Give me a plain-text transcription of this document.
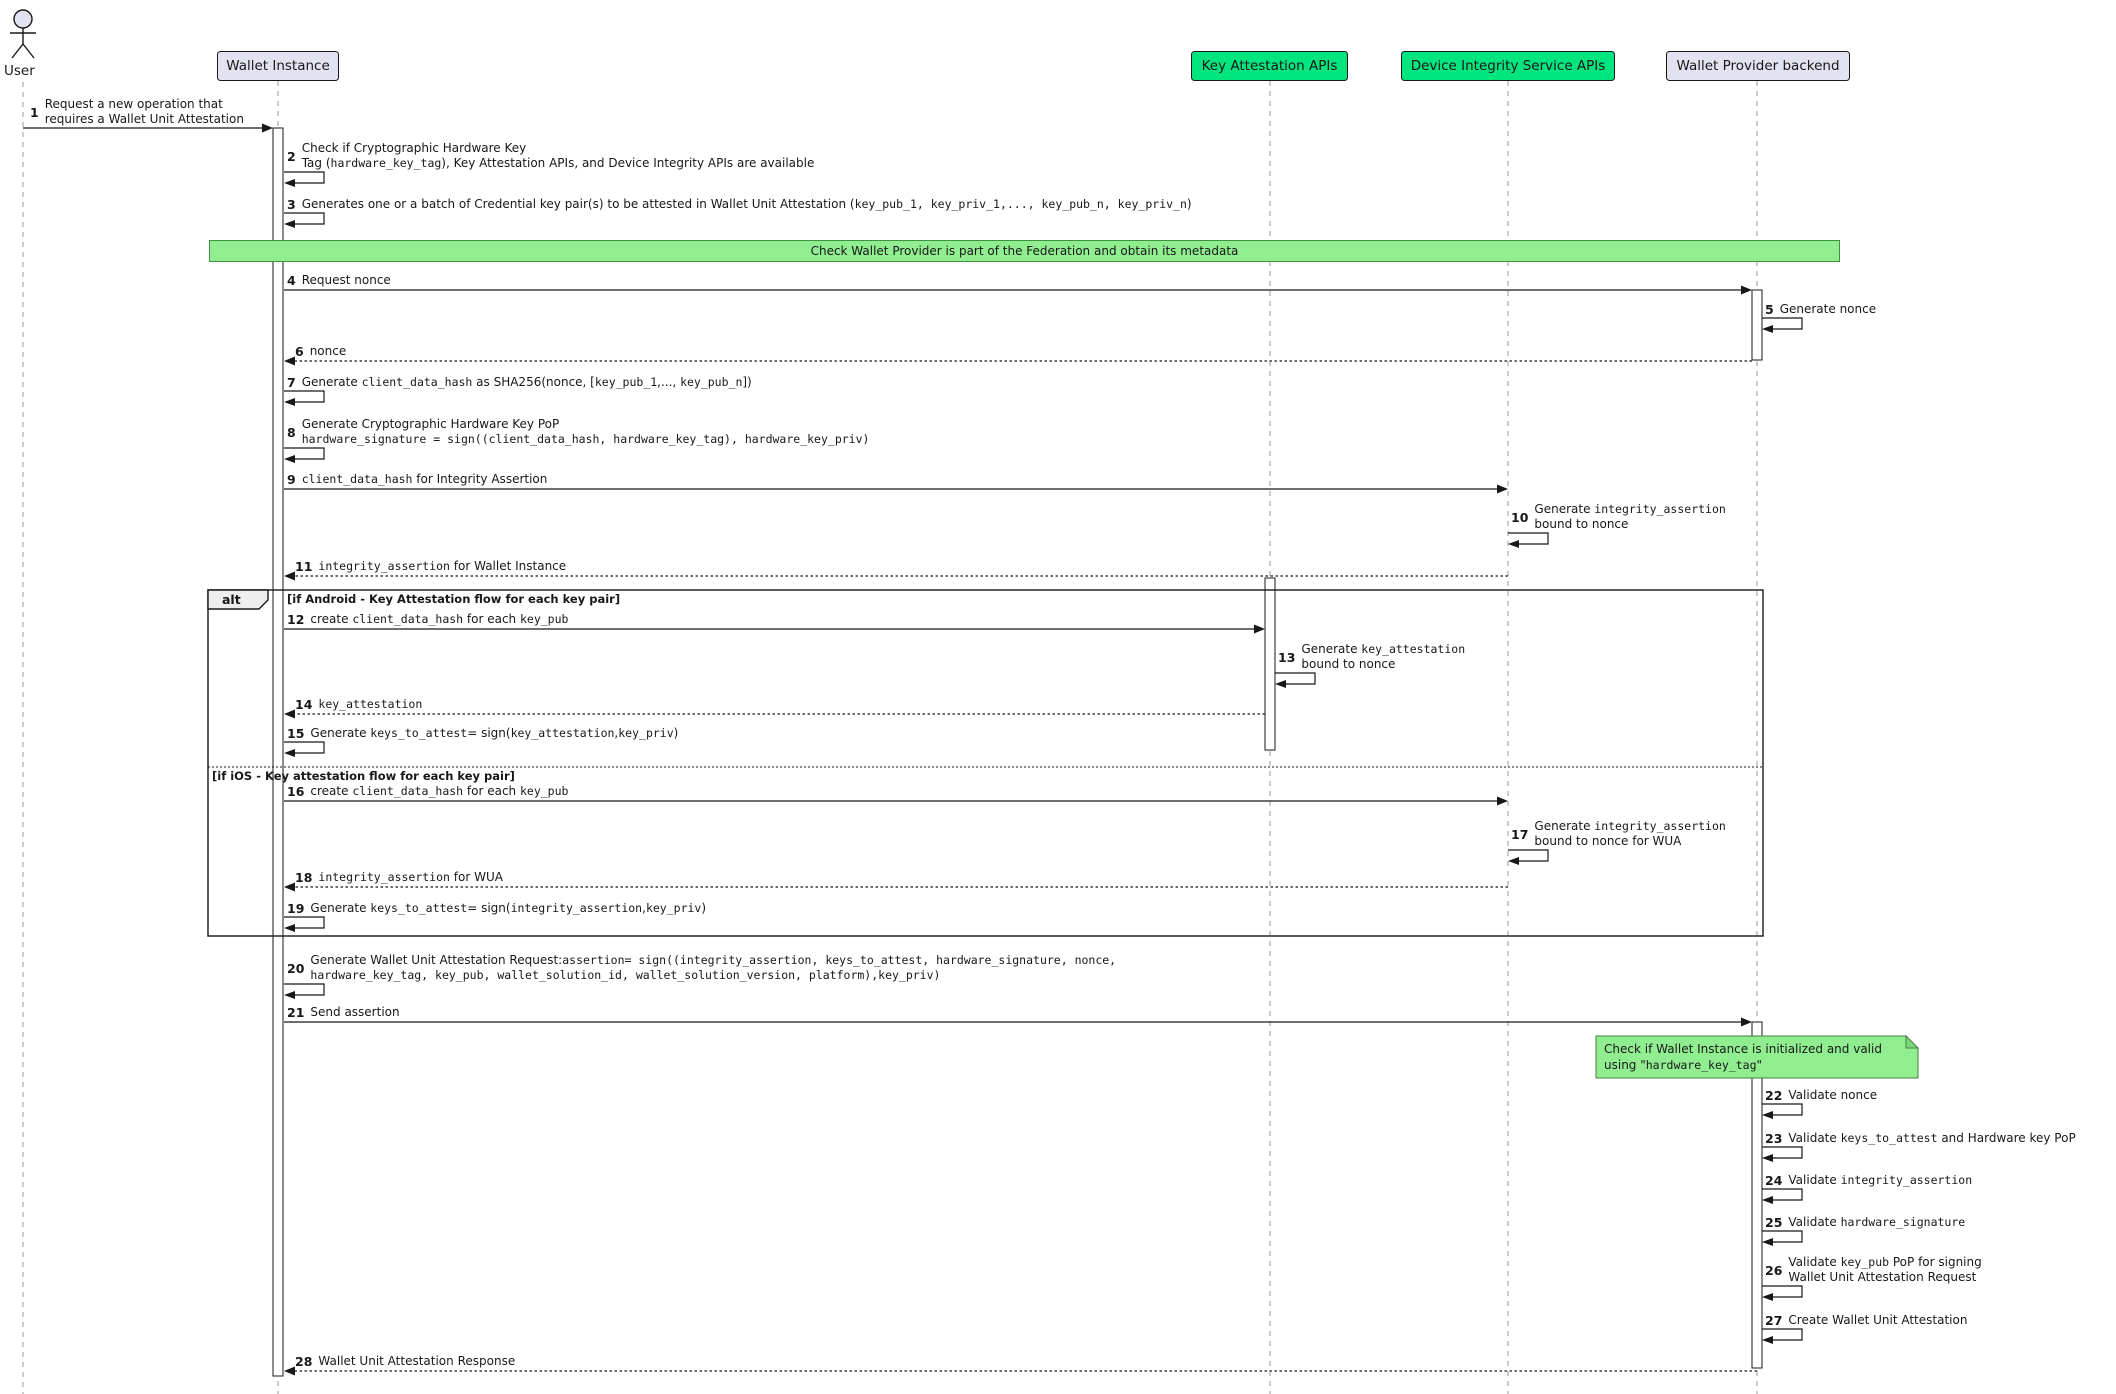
1
Request a new operation that
requires a Wallet Unit Attestation
2
Check if Cryptographic Hardware Key
Tag (hardware_key_tag), Key Attestation APIs, and Device Integrity APIs are available
3 Generates one or a batch of Credential key pair(s) to be attested in Wallet Unit Attestation (key_pub_1, key_priv_1,..., key_pub_n, key_priv_n)
4 Request nonce
5 Generate nonce
6 nonce
7 Generate client_data_hash as SHA256(nonce, [key_pub_1,..., key_pub_n])
8
Generate Cryptographic Hardware Key PoP
hardware_signature = sign((client_data_hash, hardware_key_tag), hardware_key_priv)
9 client_data_hash for Integrity Assertion
10
Generate integrity_assertion
bound to nonce
11 integrity_assertion for Wallet Instance
12 create client_data_hash for each key_pub
13
Generate key_attestation
bound to nonce
14 key_attestation
15 Generate keys_to_attest= sign(key_attestation,key_priv)
16 create client_data_hash for each key_pub
17
Generate integrity_assertion
bound to nonce for WUA
18 integrity_assertion for WUA
19 Generate keys_to_attest= sign(integrity_assertion,key_priv)
20
Generate Wallet Unit Attestation Request:assertion= sign((integrity_assertion, keys_to_attest, hardware_signature, nonce,
hardware_key_tag, key_pub, wallet_solution_id, wallet_solution_version, platform),key_priv)
21 Send assertion
22 Validate nonce
23 Validate keys_to_attest and Hardware key PoP
24 Validate integrity_assertion
25 Validate hardware_signature
26
Validate key_pub PoP for signing
Wallet Unit Attestation Request
27 Create Wallet Unit Attestation
28 Wallet Unit Attestation Response
Check if Wallet Instance is initialized and valid
using "hardware_key_tag"
Wallet Instance	Key Attestation APIs	Device Integrity Service APIs	Wallet Provider backend
User
Check Wallet Provider is part of the Federation and obtain its metadata
alt	[if Android - Key Attestation flow for each key pair]
[if iOS - Key attestation flow for each key pair]
